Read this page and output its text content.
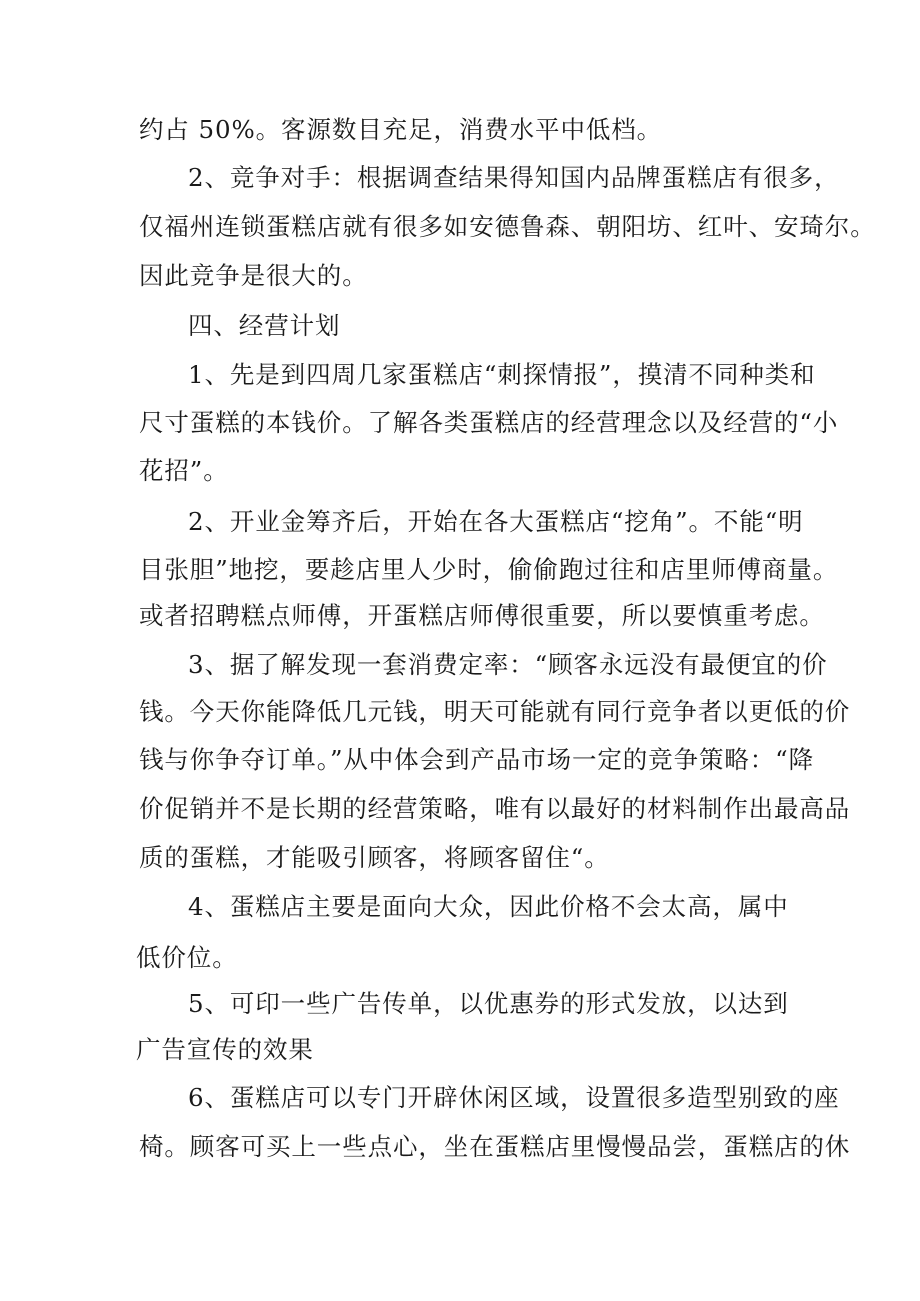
约占 50%。客源数目充足，消费水平中低档。
2、竞争对手：根据调查结果得知国内品牌蛋糕店有很多，
仅福州连锁蛋糕店就有很多如安德鲁森、朝阳坊、红叶、安琦尔。
因此竞争是很大的。
四、经营计划
1、先是到四周几家蛋糕店“刺探情报”，摸清不同种类和
尺寸蛋糕的本钱价。了解各类蛋糕店的经营理念以及经营的“小
花招”。
2、开业金筹齐后，开始在各大蛋糕店“挖角”。不能“明
目张胆”地挖，要趁店里人少时，偷偷跑过往和店里师傅商量。
或者招聘糕点师傅，开蛋糕店师傅很重要，所以要慎重考虑。
3、据了解发现一套消费定率：“顾客永远没有最便宜的价
钱。今天你能降低几元钱，明天可能就有同行竞争者以更低的价
钱与你争夺订单。”从中体会到产品市场一定的竞争策略：“降
价促销并不是长期的经营策略，唯有以最好的材料制作出最高品
质的蛋糕，才能吸引顾客，将顾客留住“。
4、蛋糕店主要是面向大众，因此价格不会太高，属中
低价位。
5、可印一些广告传单，以优惠券的形式发放，以达到
广告宣传的效果
6、蛋糕店可以专门开辟休闲区域，设置很多造型别致的座
椅。顾客可买上一些点心，坐在蛋糕店里慢慢品尝，蛋糕店的休
